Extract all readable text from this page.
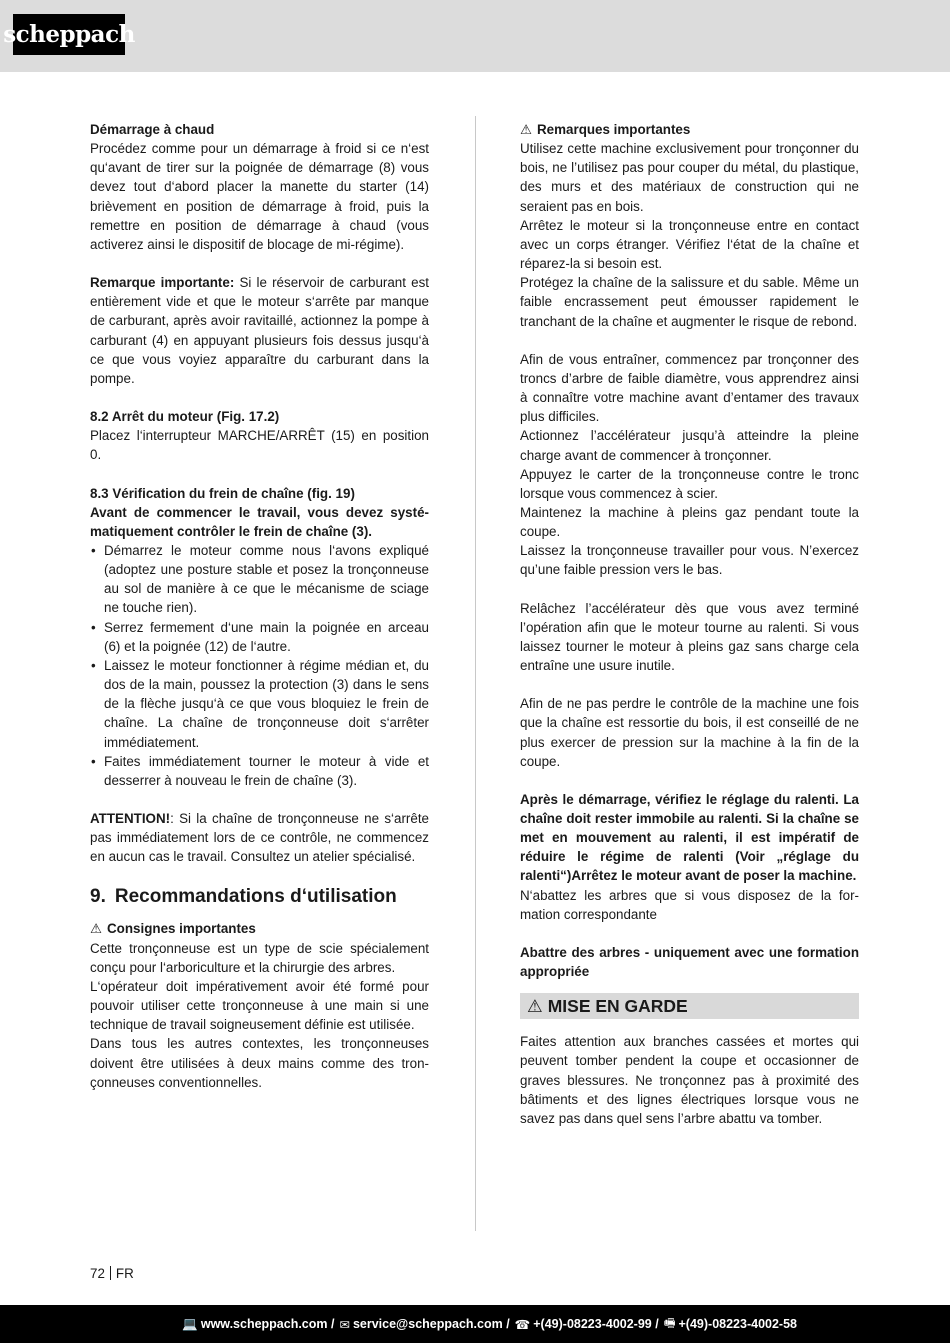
scheppach

Démarrage à chaud

Procédez comme pour un démarrage à froid si ce n‘est qu‘avant de tirer sur la poignée de démarrage (8) vous devez tout d‘abord placer la manette du starter (14) brièvement en position de démarrage à froid, puis la remettre en position de démarrage à chaud (vous activerez ainsi le dispositif de blocage de mi-régime).

Remarque importante: Si le réservoir de carburant est entièrement vide et que le moteur s‘arrête par manque de carburant, après avoir ravitaillé, actionnez la pompe à carburant (4) en appuyant plusieurs fois dessus jusqu‘à ce que vous voyiez apparaître du carburant dans la pompe.

8.2 Arrêt du moteur (Fig. 17.2)

Placez l‘interrupteur MARCHE/ARRÊT (15) en position 0.

8.3 Vérification du frein de chaîne (fig. 19)

Avant de commencer le travail, vous devez systématiquement contrôler le frein de chaîne (3).

• Démarrez le moteur comme nous l‘avons expliqué (adoptez une posture stable et posez la tronçonneuse au sol de manière à ce que le mécanisme de sciage ne touche rien).
• Serrez fermement d‘une main la poignée en arceau (6) et la poignée (12) de l‘autre.
• Laissez le moteur fonctionner à régime médian et, du dos de la main, poussez la protection (3) dans le sens de la flèche jusqu‘à ce que vous bloquiez le frein de chaîne. La chaîne de tronçonneuse doit s‘arrêter immédiatement.
• Faites immédiatement tourner le moteur à vide et desserrer à nouveau le frein de chaîne (3).

ATTENTION!: Si la chaîne de tronçonneuse ne s‘arrête pas immédiatement lors de ce contrôle, ne commencez en aucun cas le travail. Consultez un atelier spécialisé.

9. Recommandations d‘utilisation

⚠ Consignes importantes

Cette tronçonneuse est un type de scie spécialement conçu pour l‘arboriculture et la chirurgie des arbres.

L‘opérateur doit impérativement avoir été formé pour pouvoir utiliser cette tronçonneuse à une main si une technique de travail soigneusement définie est utilisée.

Dans tous les autres contextes, les tronçonneuses doivent être utilisées à deux mains comme des tronçonneuses conventionnelles.

⚠ Remarques importantes

Utilisez cette machine exclusivement pour tronçonner du bois, ne l’utilisez pas pour couper du métal, du plastique, des murs et des matériaux de construction qui ne seraient pas en bois.

Arrêtez le moteur si la tronçonneuse entre en contact avec un corps étranger. Vérifiez l‘état de la chaîne et réparez-la si besoin est.

Protégez la chaîne de la salissure et du sable. Même un faible encrassement peut émousser rapidement le tranchant de la chaîne et augmenter le risque de rebond.

Afin de vous entraîner, commencez par tronçonner des troncs d’arbre de faible diamètre, vous apprendrez ainsi à connaître votre machine avant d’entamer des travaux plus difficiles.

Actionnez l’accélérateur jusqu’à atteindre la pleine charge avant de commencer à tronçonner.

Appuyez le carter de la tronçonneuse contre le tronc lorsque vous commencez à scier.

Maintenez la machine à pleins gaz pendant toute la coupe.

Laissez la tronçonneuse travailler pour vous. N’exercez qu’une faible pression vers le bas.

Relâchez l’accélérateur dès que vous avez terminé l’opération afin que le moteur tourne au ralenti. Si vous laissez tourner le moteur à pleins gaz sans charge cela entraîne une usure inutile.

Afin de ne pas perdre le contrôle de la machine une fois que la chaîne est ressortie du bois, il est conseillé de ne plus exercer de pression sur la machine à la fin de la coupe.

Après le démarrage, vérifiez le réglage du ralenti. La chaîne doit rester immobile au ralenti. Si la chaîne se met en mouvement au ralenti, il est impératif de réduire le régime de ralenti (Voir „réglage du ralenti“)Arrêtez le moteur avant de poser la machine.

N‘abattez les arbres que si vous disposez de la formation correspondante

Abattre des arbres - uniquement avec une formation appropriée

⚠ MISE EN GARDE

Faites attention aux branches cassées et mortes qui peuvent tomber pendent la coupe et occasionner de graves blessures. Ne tronçonnez pas à proximité des bâtiments et des lignes électriques lorsque vous ne savez pas dans quel sens l’arbre abattu va tomber.

72 FR
💻 www.scheppach.com / ✉ service@scheppach.com / ☎ +(49)-08223-4002-99 / 🖷 +(49)-08223-4002-58
